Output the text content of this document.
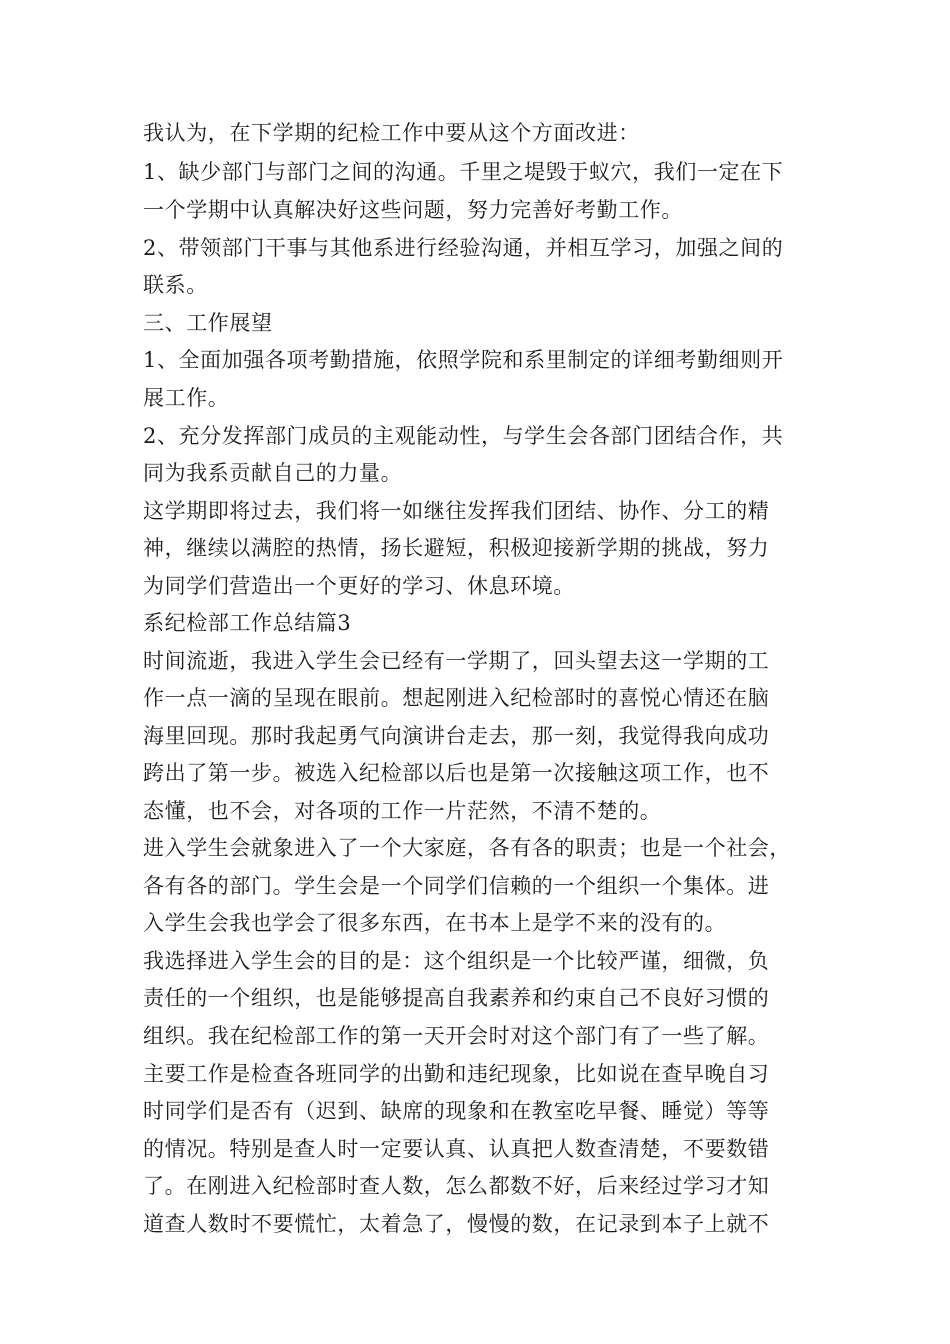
我认为，在下学期的纪检工作中要从这个方面改进：
1、缺少部门与部门之间的沟通。千里之堤毁于蚁穴，我们一定在下
一个学期中认真解决好这些问题，努力完善好考勤工作。
2、带领部门干事与其他系进行经验沟通，并相互学习，加强之间的
联系。
三、工作展望
1、全面加强各项考勤措施，依照学院和系里制定的详细考勤细则开
展工作。
2、充分发挥部门成员的主观能动性，与学生会各部门团结合作，共
同为我系贡献自己的力量。
这学期即将过去，我们将一如继往发挥我们团结、协作、分工的精
神，继续以满腔的热情，扬长避短，积极迎接新学期的挑战，努力
为同学们营造出一个更好的学习、休息环境。
系纪检部工作总结篇3
时间流逝，我进入学生会已经有一学期了，回头望去这一学期的工
作一点一滴的呈现在眼前。想起刚进入纪检部时的喜悦心情还在脑
海里回现。那时我起勇气向演讲台走去，那一刻，我觉得我向成功
跨出了第一步。被选入纪检部以后也是第一次接触这项工作，也不
态懂，也不会，对各项的工作一片茫然，不清不楚的。
进入学生会就象进入了一个大家庭，各有各的职责；也是一个社会，
各有各的部门。学生会是一个同学们信赖的一个组织一个集体。进
入学生会我也学会了很多东西，在书本上是学不来的没有的。
我选择进入学生会的目的是：这个组织是一个比较严谨，细微，负
责任的一个组织，也是能够提高自我素养和约束自己不良好习惯的
组织。我在纪检部工作的第一天开会时对这个部门有了一些了解。
主要工作是检查各班同学的出勤和违纪现象，比如说在查早晚自习
时同学们是否有（迟到、缺席的现象和在教室吃早餐、睡觉）等等
的情况。特别是查人时一定要认真、认真把人数查清楚，不要数错
了。在刚进入纪检部时查人数，怎么都数不好，后来经过学习才知
道查人数时不要慌忙，太着急了，慢慢的数，在记录到本子上就不
